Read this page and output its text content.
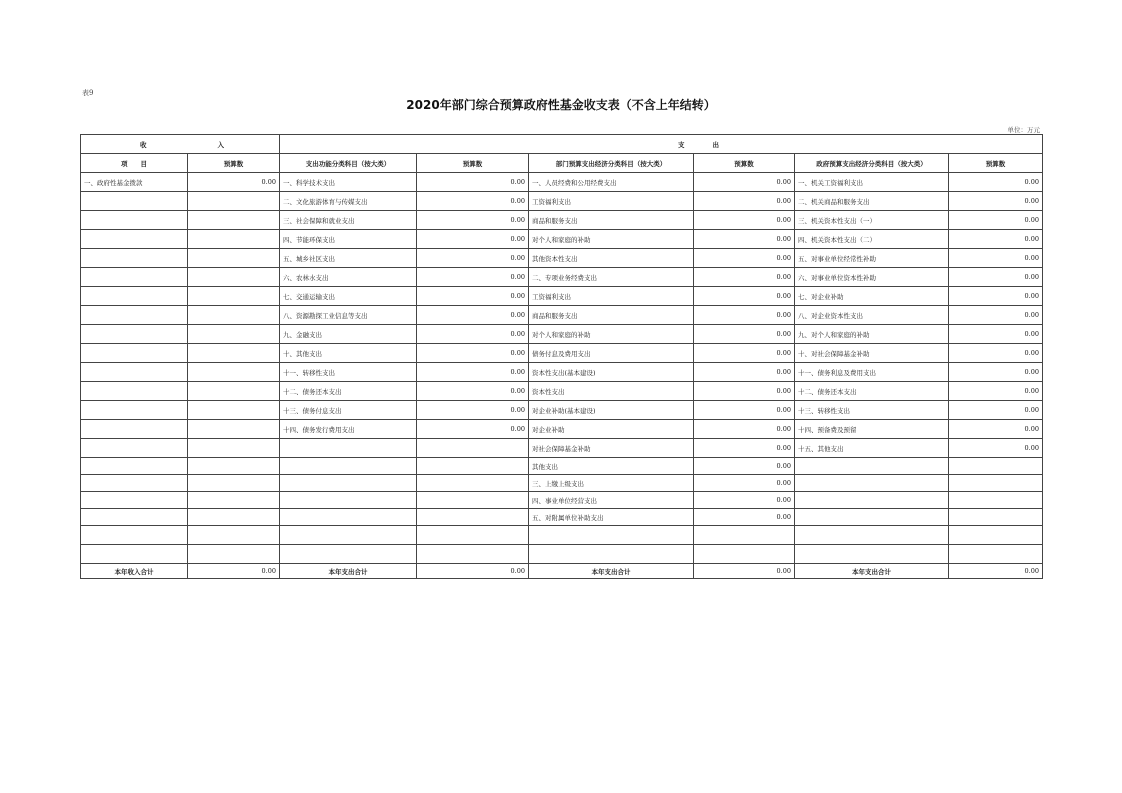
表9
2020年部门综合预算政府性基金收支表（不含上年结转）
单位：万元
收 入		支 出					

项　　目	预算数	支出功能分类科目（按大类）	预算数	部门预算支出经济分类科目（按大类）	预算数	政府预算支出经济分类科目（按大类）	预算数
一、政府性基金拨款	0.00	一、科学技术支出	0.00	一、人员经费和公用经费支出	0.00	一、机关工资福利支出	0.00
		二、文化旅游体育与传媒支出	0.00	工资福利支出	0.00	二、机关商品和服务支出	0.00
		三、社会保障和就业支出	0.00	商品和服务支出	0.00	三、机关资本性支出（一）	0.00
		四、节能环保支出	0.00	对个人和家庭的补助	0.00	四、机关资本性支出（二）	0.00
		五、城乡社区支出	0.00	其他资本性支出	0.00	五、对事业单位经常性补助	0.00
		六、农林水支出	0.00	二、专项业务经费支出	0.00	六、对事业单位资本性补助	0.00
		七、交通运输支出	0.00	工资福利支出	0.00	七、对企业补助	0.00
		八、资源勘探工业信息等支出	0.00	商品和服务支出	0.00	八、对企业资本性支出	0.00
		九、金融支出	0.00	对个人和家庭的补助	0.00	九、对个人和家庭的补助	0.00
		十、其他支出	0.00	债务付息及费用支出	0.00	十、对社会保障基金补助	0.00
		十一、转移性支出	0.00	资本性支出(基本建设)	0.00	十一、债务利息及费用支出	0.00
		十二、债务还本支出	0.00	资本性支出	0.00	十二、债务还本支出	0.00
		十三、债务付息支出	0.00	对企业补助(基本建设)	0.00	十三、转移性支出	0.00
		十四、债务发行费用支出	0.00	对企业补助	0.00	十四、预备费及预留	0.00
				对社会保障基金补助	0.00	十五、其他支出	0.00
				其他支出	0.00		
				三、上缴上级支出	0.00		
				四、事业单位经营支出	0.00		
				五、对附属单位补助支出	0.00		

本年收入合计	0.00	本年支出合计	0.00	本年支出合计	0.00	本年支出合计	0.00
